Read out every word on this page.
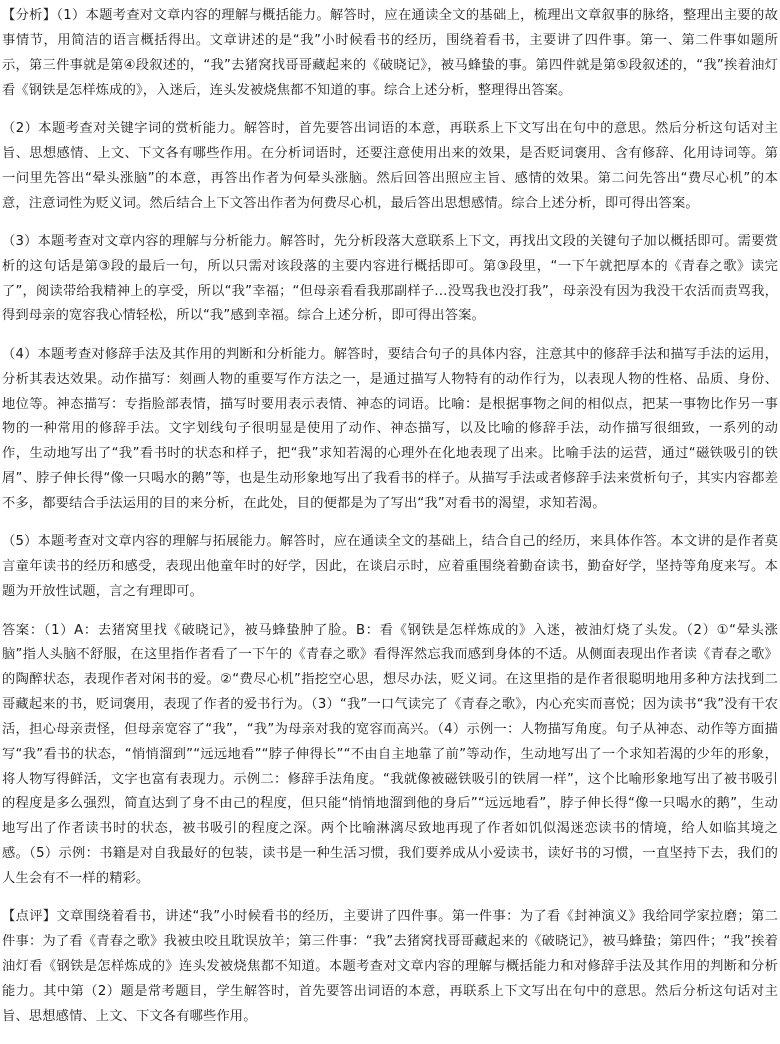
【分析】（1）本题考查对文章内容的理解与概括能力。解答时，应在通读全文的基础上，梳理出文章叙事的脉络，整理出主要的故事情节，用简洁的语言概括得出。文章讲述的是“我”小时候看书的经历，围绕着看书，主要讲了四件事。第一、第二件事如题所示，第三件事就是第④段叙述的，“我”去猪窝找哥哥藏起来的《破晓记》，被马蜂蛰的事。第四件就是第⑤段叙述的，“我”挨着油灯看《钢铁是怎样炼成的》，入迷后，连头发被烧焦都不知道的事。综合上述分析，整理得出答案。

（2）本题考查对关键字词的赏析能力。解答时，首先要答出词语的本意，再联系上下文写出在句中的意思。然后分析这句话对主旨、思想感情、上文、下文各有哪些作用。在分析词语时，还要注意使用出来的效果，是否贬词褒用、含有修辞、化用诗词等。第一问里先答出“晕头涨脑”的本意，再答出作者为何晕头涨脑。然后回答出照应主旨、感情的效果。第二问先答出“费尽心机”的本意，注意词性为贬义词。然后结合上下文答出作者为何费尽心机，最后答出思想感情。综合上述分析，即可得出答案。

（3）本题考查对文章内容的理解与分析能力。解答时，先分析段落大意联系上下文，再找出文段的关键句子加以概括即可。需要赏析的这句话是第③段的最后一句，所以只需对该段落的主要内容进行概括即可。第③段里，“一下午就把厚本的《青春之歌》读完了”，阅读带给我精神上的享受，所以“我”幸福；“但母亲看看我那副样子…没骂我也没打我”，母亲没有因为我没干农活而责骂我，得到母亲的宽容我心情轻松，所以“我”感到幸福。综合上述分析，即可得出答案。

（4）本题考查对修辞手法及其作用的判断和分析能力。解答时，要结合句子的具体内容，注意其中的修辞手法和描写手法的运用，分析其表达效果。动作描写：刻画人物的重要写作方法之一，是通过描写人物特有的动作行为，以表现人物的性格、品质、身份、地位等。神态描写：专指脸部表情，描写时要用表示表情、神态的词语。比喻：是根据事物之间的相似点，把某一事物比作另一事物的一种常用的修辞手法。文字划线句子很明显是使用了动作、神态描写，以及比喻的修辞手法，动作描写很细致，一系列的动作，生动地写出了“我”看书时的状态和样子，把“我”求知若渴的心理外在化地表现了出来。比喻手法的运营，通过“磁铁吸引的铁屑”、脖子伸长得“像一只喝水的鹅”等，也是生动形象地写出了我看书的样子。从描写手法或者修辞手法来赏析句子，其实内容都差不多，都要结合手法运用的目的来分析，在此处，目的便都是为了写出“我”对看书的渴望，求知若渴。

（5）本题考查对文章内容的理解与拓展能力。解答时，应在通读全文的基础上，结合自己的经历，来具体作答。本文讲的是作者莫言童年读书的经历和感受，表现出他童年时的好学，因此，在谈启示时，应着重围绕着勤奋读书，勤奋好学，坚持等角度来写。本题为开放性试题，言之有理即可。

答案：（1）A：去猪窝里找《破晓记》，被马蜂蛰肿了脸。B：看《钢铁是怎样炼成的》入迷，被油灯烧了头发。（2）①“晕头涨脑”指人头脑不舒服，在这里指作者看了一下午的《青春之歌》看得浑然忘我而感到身体的不适。从侧面表现出作者读《青春之歌》的陶醉状态，表现作者对闲书的爱。②“费尽心机”指挖空心思，想尽办法，贬义词。在这里指的是作者很聪明地用多种方法找到二哥藏起来的书，贬词褒用，表现了作者的爱书行为。（3）“我”一口气读完了《青春之歌》，内心充实而喜悦；因为读书“我”没有干农活，担心母亲责怪，但母亲宽容了“我”，“我”为母亲对我的宽容而高兴。（4）示例一：人物描写角度。句子从神态、动作等方面描写“我”看书的状态，“悄悄溜到”“远远地看”“脖子伸得长”“不由自主地靠了前”等动作，生动地写出了一个求知若渴的少年的形象，将人物写得鲜活，文字也富有表现力。示例二：修辞手法角度。“我就像被磁铁吸引的铁屑一样”，这个比喻形象地写出了被书吸引的程度是多么强烈，简直达到了身不由己的程度，但只能“悄悄地溜到他的身后”“远远地看”，脖子伸长得“像一只喝水的鹅”，生动地写出了作者读书时的状态，被书吸引的程度之深。两个比喻淋漓尽致地再现了作者如饥似渴迷恋读书的情境，给人如临其境之感。（5）示例：书籍是对自我最好的包装，读书是一种生活习惯，我们要养成从小爱读书，读好书的习惯，一直坚持下去，我们的人生会有不一样的精彩。

【点评】文章围绕着看书，讲述“我”小时候看书的经历，主要讲了四件事。第一件事：为了看《封神演义》我给同学家拉磨；第二件事：为了看《青春之歌》我被虫咬且耽误放羊；第三件事：“我”去猪窝找哥哥藏起来的《破晓记》，被马蜂蛰；第四件；“我”挨着油灯看《钢铁是怎样炼成的》连头发被烧焦都不知道。本题考查对文章内容的理解与概括能力和对修辞手法及其作用的判断和分析能力。其中第（2）题是常考题目，学生解答时，首先要答出词语的本意，再联系上下文写出在句中的意思。然后分析这句话对主旨、思想感情、上文、下文各有哪些作用。
